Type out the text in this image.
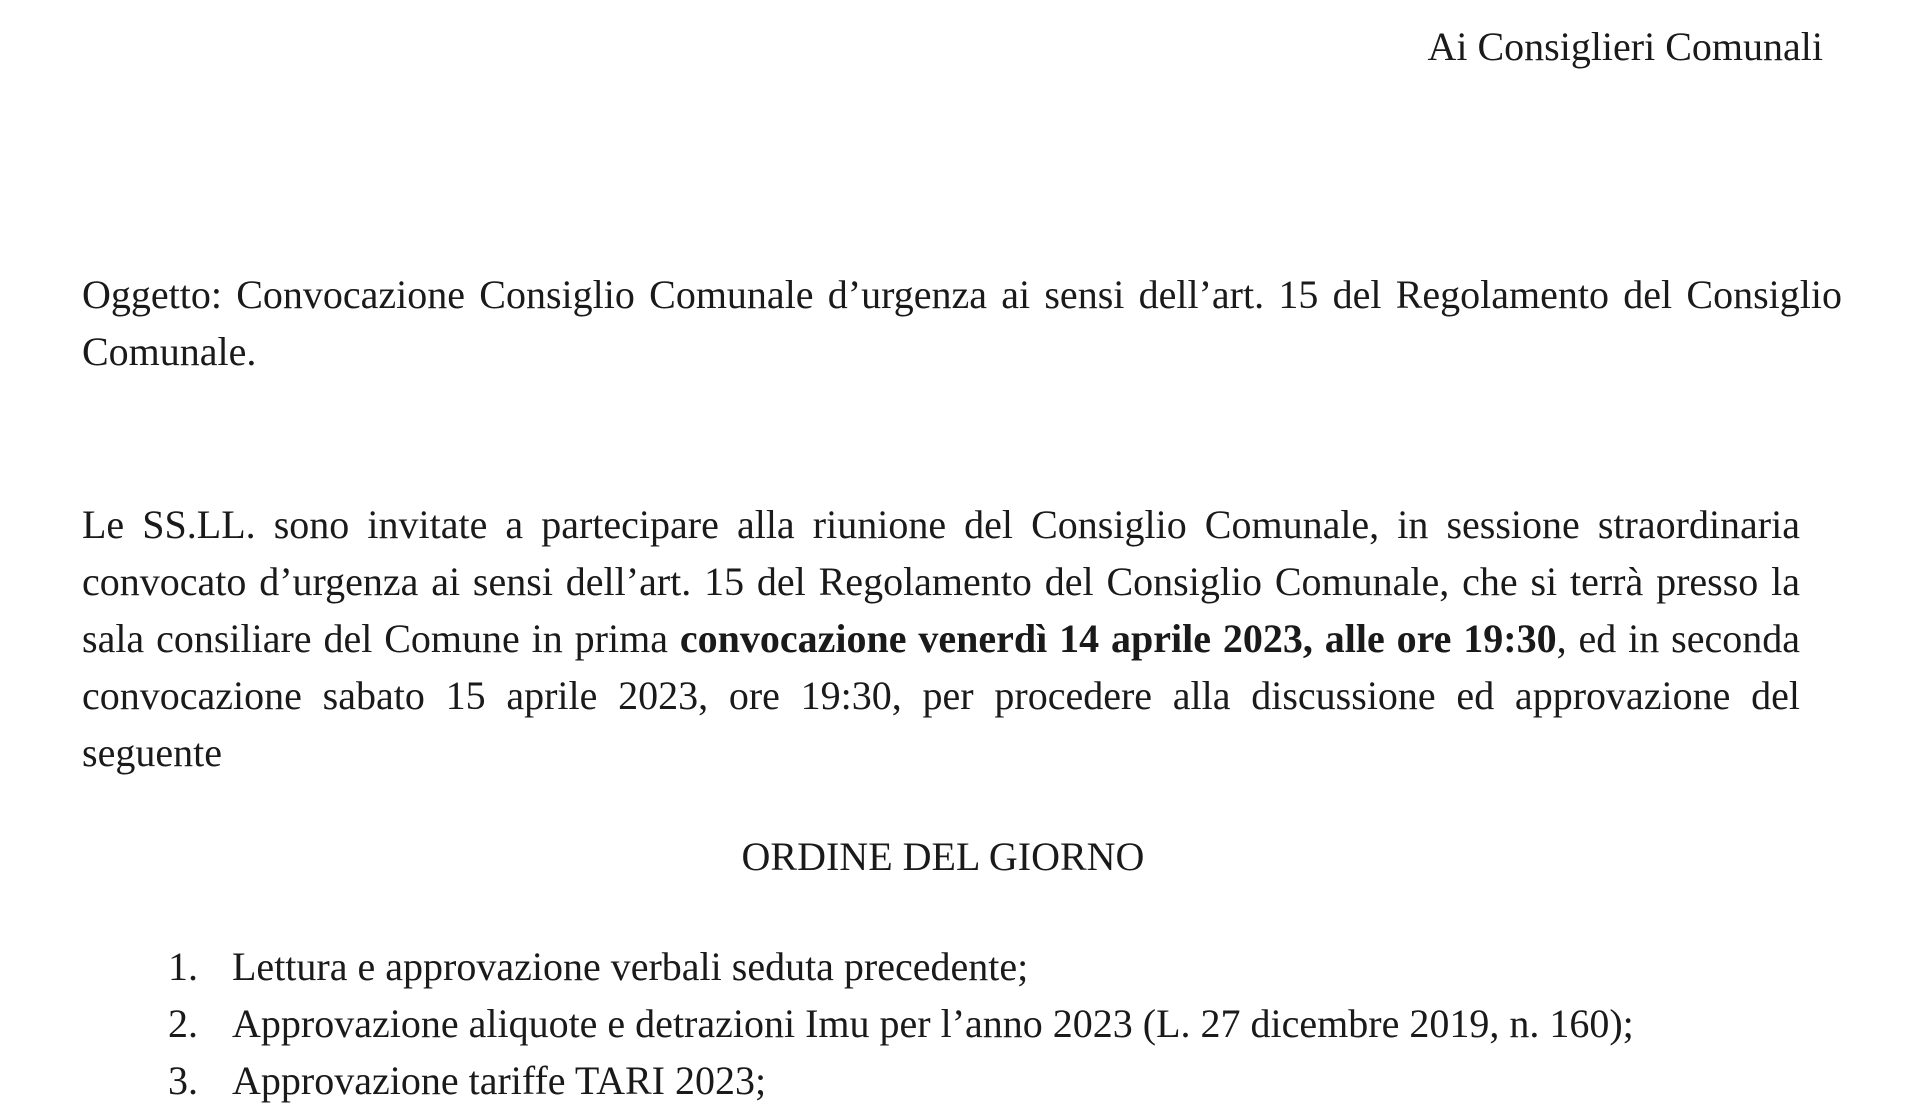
Ai Consiglieri Comunali

Oggetto: Convocazione Consiglio Comunale d’urgenza ai sensi dell’art. 15 del Regolamento del Consiglio Comunale.

Le SS.LL. sono invitate a partecipare alla riunione del Consiglio Comunale, in sessione straordinaria convocato d’urgenza ai sensi dell’art. 15 del Regolamento del Consiglio Comunale, che si terrà presso la sala consiliare del Comune in prima convocazione venerdì 14 aprile 2023, alle ore 19:30, ed in seconda convocazione sabato 15 aprile 2023, ore 19:30, per procedere alla discussione ed approvazione del seguente

ORDINE DEL GIORNO

1. Lettura e approvazione verbali seduta precedente;
2. Approvazione aliquote e detrazioni Imu per l’anno 2023 (L. 27 dicembre 2019, n. 160);
3. Approvazione tariffe TARI 2023;
